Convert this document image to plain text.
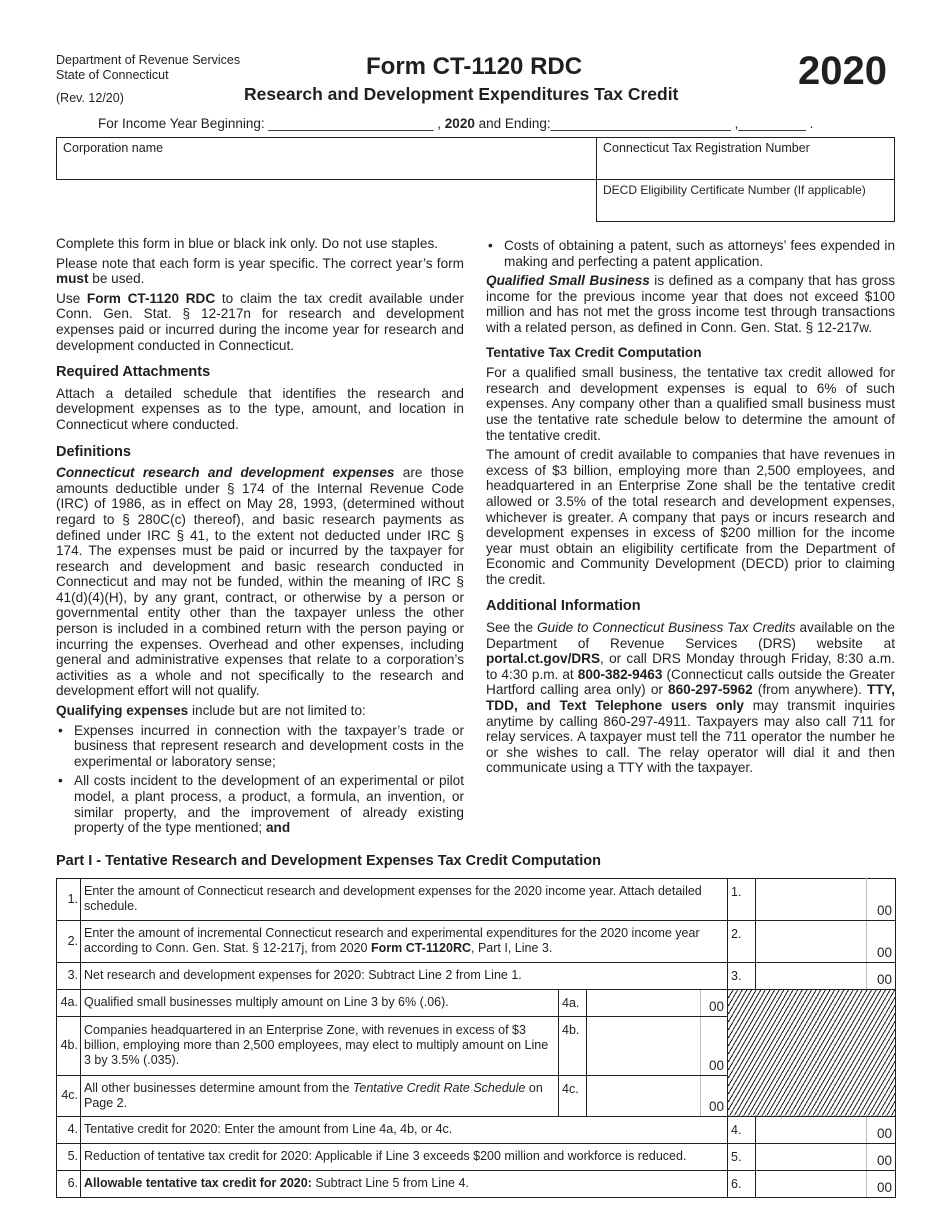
Department of Revenue Services
State of Connecticut
(Rev. 12/20)
Form CT-1120 RDC
Research and Development Expenditures Tax Credit
2020
For Income Year Beginning: ______________________ , 2020 and Ending:________________________ ,_________ .
Corporation name	Connecticut Tax Registration Number
DECD Eligibility Certificate Number (If applicable)

Complete this form in blue or black ink only. Do not use staples.

Please note that each form is year specific. The correct year’s form must be used.

Use Form CT-1120 RDC to claim the tax credit available under Conn. Gen. Stat. § 12-217n for research and development expenses paid or incurred during the income year for research and development conducted in Connecticut.

Required Attachments

Attach a detailed schedule that identifies the research and development expenses as to the type, amount, and location in Connecticut where conducted.

Definitions

Connecticut research and development expenses are those amounts deductible under § 174 of the Internal Revenue Code (IRC) of 1986, as in effect on May 28, 1993, (determined without regard to § 280C(c) thereof), and basic research payments as defined under IRC § 41, to the extent not deducted under IRC § 174. The expenses must be paid or incurred by the taxpayer for research and development and basic research conducted in Connecticut and may not be funded, within the meaning of IRC § 41(d)(4)(H), by any grant, contract, or otherwise by a person or governmental entity other than the taxpayer unless the other person is included in a combined return with the person paying or incurring the expenses. Overhead and other expenses, including general and administrative expenses that relate to a corporation’s activities as a whole and not specifically to the research and development effort will not qualify.

Qualifying expenses include but are not limited to:

• Expenses incurred in connection with the taxpayer’s trade or business that represent research and development costs in the experimental or laboratory sense;
• All costs incident to the development of an experimental or pilot model, a plant process, a product, a formula, an invention, or similar property, and the improvement of already existing property of the type mentioned; and
• Costs of obtaining a patent, such as attorneys’ fees expended in making and perfecting a patent application.

Qualified Small Business is defined as a company that has gross income for the previous income year that does not exceed $100 million and has not met the gross income test through transactions with a related person, as defined in Conn. Gen. Stat. § 12-217w.

Tentative Tax Credit Computation

For a qualified small business, the tentative tax credit allowed for research and development expenses is equal to 6% of such expenses. Any company other than a qualified small business must use the tentative rate schedule below to determine the amount of the tentative credit.

The amount of credit available to companies that have revenues in excess of $3 billion, employing more than 2,500 employees, and headquartered in an Enterprise Zone shall be the tentative credit allowed or 3.5% of the total research and development expenses, whichever is greater. A company that pays or incurs research and development expenses in excess of $200 million for the income year must obtain an eligibility certificate from the Department of Economic and Community Development (DECD) prior to claiming the credit.

Additional Information

See the Guide to Connecticut Business Tax Credits available on the Department of Revenue Services (DRS) website at portal.ct.gov/DRS, or call DRS Monday through Friday, 8:30 a.m. to 4:30 p.m. at 800-382-9463 (Connecticut calls outside the Greater Hartford calling area only) or 860-297-5962 (from anywhere). TTY, TDD, and Text Telephone users only may transmit inquiries anytime by calling 860-297-4911. Taxpayers may also call 711 for relay services. A taxpayer must tell the 711 operator the number he or she wishes to call. The relay operator will dial it and then communicate using a TTY with the taxpayer.

Part I - Tentative Research and Development Expenses Tax Credit Computation
1.	Enter the amount of Connecticut research and development expenses for the 2020 income year. Attach detailed schedule.				1.		00
2.	Enter the amount of incremental Connecticut research and experimental expenditures for the 2020 income year according to Conn. Gen. Stat. § 12-217j, from 2020 Form CT-1120RC, Part I, Line 3.				2.		00
3.	Net research and development expenses for 2020: Subtract Line 2 from Line 1.				3.		00
4a.	Qualified small businesses multiply amount on Line 3 by 6% (.06).	4a.		00			
4b.	Companies headquartered in an Enterprise Zone, with revenues in excess of $3 billion, employing more than 2,500 employees, may elect to multiply amount on Line 3 by 3.5% (.035).	4b.		00			
4c.	All other businesses determine amount from the Tentative Credit Rate Schedule on Page 2.	4c.		00			
4.	Tentative credit for 2020: Enter the amount from Line 4a, 4b, or 4c.				4.		00
5.	Reduction of tentative tax credit for 2020: Applicable if Line 3 exceeds $200 million and workforce is reduced.				5.		00
6.	Allowable tentative tax credit for 2020: Subtract Line 5 from Line 4.				6.		00
